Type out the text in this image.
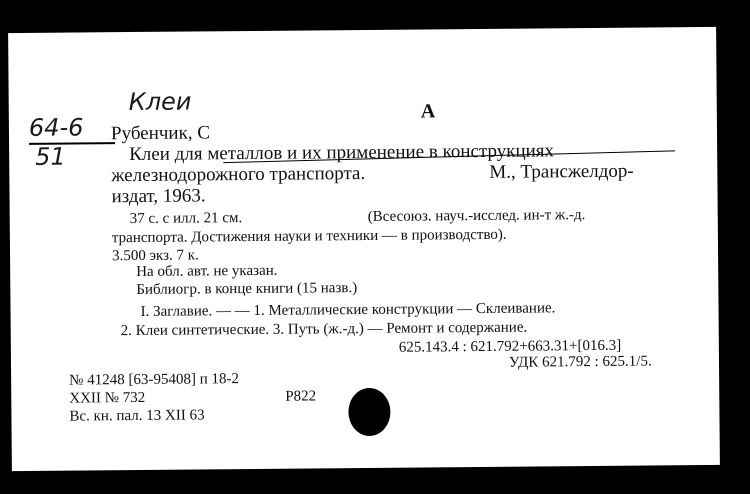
Клеи
64-6
51
А
Рубенчик, С
Клеи для металлов и их применение в конструкциях
железнодорожного транспорта.	М., Трансжелдор-
издат, 1963.
37 с. с илл. 21 см.	(Всесоюз. науч.-исслед. ин-т ж.-д.
транспорта. Достижения науки и техники — в производство).
3.500 экз. 7 к.
На обл. авт. не указан.
Библиогр. в конце книги (15 назв.)
I. Заглавие. — — 1. Металлические конструкции — Склеивание.
2. Клеи синтетические. 3. Путь (ж.-д.) — Ремонт и содержание.
625.143.4 : 621.792+663.31+[016.3]
№ 41248 [63-95408] п 18-2
XXII № 732
Вс. кн. пал. 13 XII 63
Р822
УДК 621.792 : 625.1/5.
